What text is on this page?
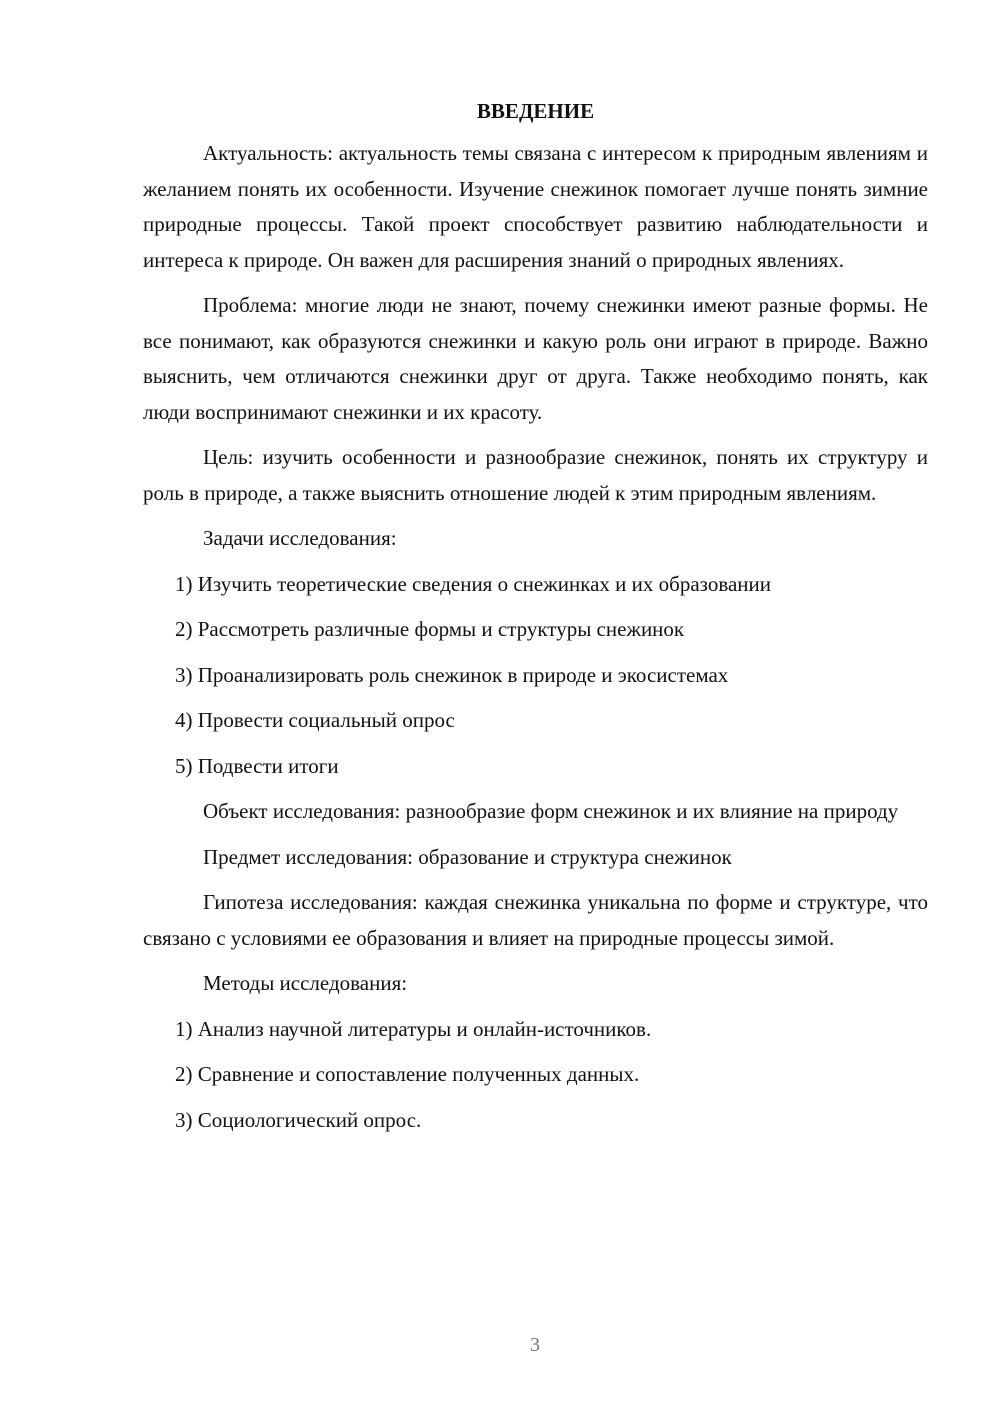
ВВЕДЕНИЕ

Актуальность: актуальность темы связана с интересом к природным явлениям и желанием понять их особенности. Изучение снежинок помогает лучше понять зимние природные процессы. Такой проект способствует развитию наблюдательности и интереса к природе. Он важен для расширения знаний о природных явлениях.

Проблема: многие люди не знают, почему снежинки имеют разные формы. Не все понимают, как образуются снежинки и какую роль они играют в природе. Важно выяснить, чем отличаются снежинки друг от друга. Также необходимо понять, как люди воспринимают снежинки и их красоту.

Цель: изучить особенности и разнообразие снежинок, понять их структуру и роль в природе, а также выяснить отношение людей к этим природным явлениям.

Задачи исследования:

1) Изучить теоретические сведения о снежинках и их образовании
2) Рассмотреть различные формы и структуры снежинок
3) Проанализировать роль снежинок в природе и экосистемах
4) Провести социальный опрос
5) Подвести итоги

Объект исследования: разнообразие форм снежинок и их влияние на природу

Предмет исследования: образование и структура снежинок

Гипотеза исследования: каждая снежинка уникальна по форме и структуре, что связано с условиями ее образования и влияет на природные процессы зимой.

Методы исследования:

1) Анализ научной литературы и онлайн-источников.
2) Сравнение и сопоставление полученных данных.
3) Социологический опрос.
3
